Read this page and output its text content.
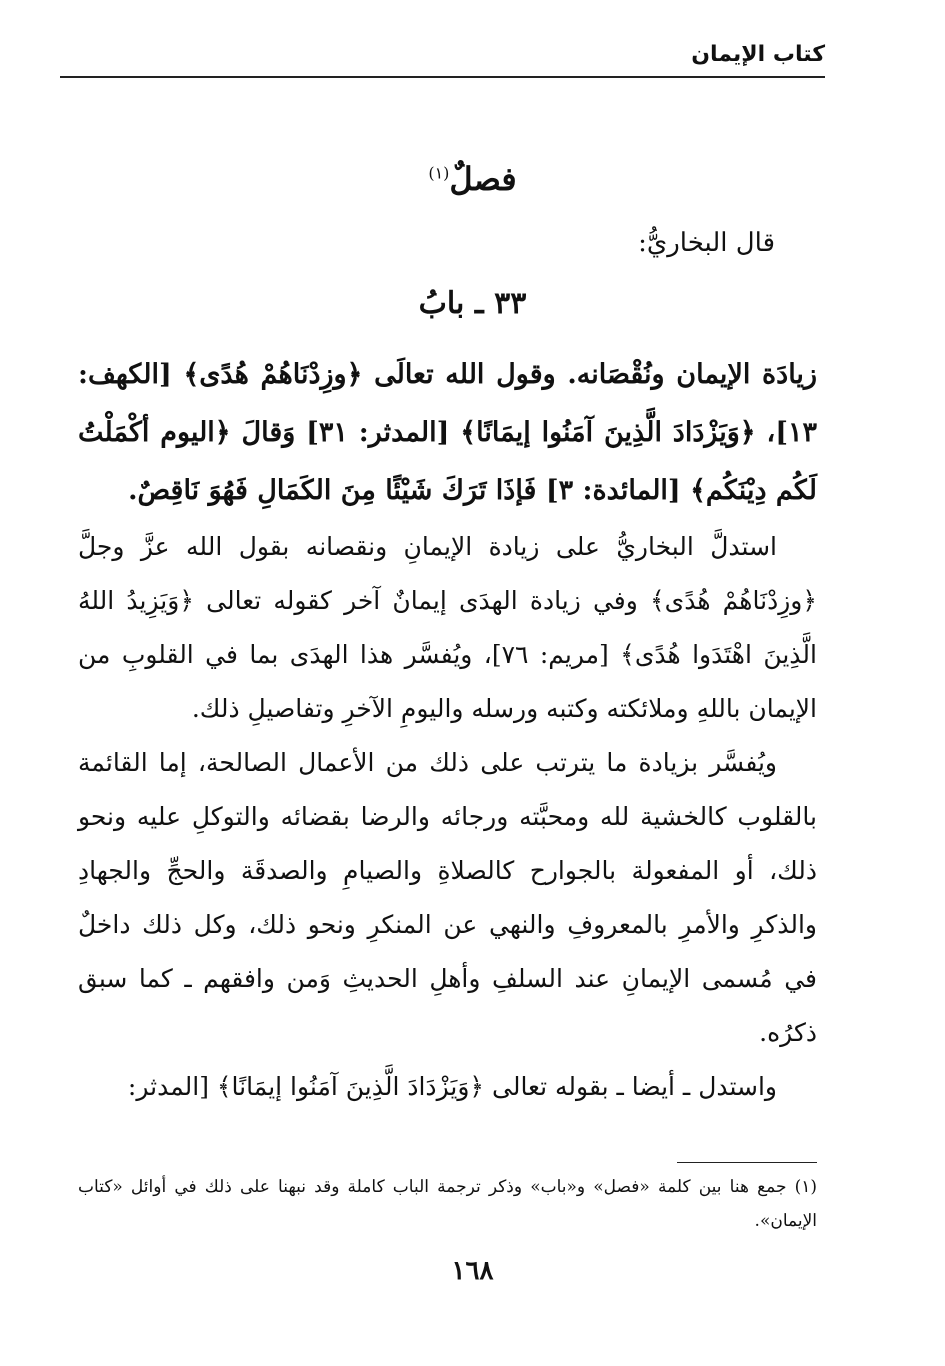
كتاب الإيمان
فصلٌ$^{(١)}$
قال البخاريُّ:
٣٣ ـ بابُ
زيادَة الإيمان ونُقْصَانه. وقول الله تعالَى ﴿وزِدْنَاهُمْ هُدًى﴾ [الكهف: ١٣]، ﴿وَيَزْدَادَ الَّذِينَ آمَنُوا إيمَانًا﴾ [المدثر: ٣١] وَقالَ ﴿اليوم أكْمَلْتُ لَكُم دِيْنَكُم﴾ [المائدة: ٣] فَإذَا تَرَكَ شَيْئًا مِنَ الكَمَالِ فَهُوَ نَاقِصٌ.
استدلَّ البخاريُّ على زيادة الإيمانِ ونقصانه بقول الله عزَّ وجلَّ ﴿وزِدْنَاهُمْ هُدًى﴾ وفي زيادة الهدَى إيمانٌ آخر كقوله تعالى ﴿وَيَزِيدُ اللهُ الَّذِينَ اهْتَدَوا هُدًى﴾ [مريم: ٧٦]، ويُفسَّر هذا الهدَى بما في القلوبِ من الإيمان باللهِ وملائكته وكتبه ورسله واليومِ الآخرِ وتفاصيلِ ذلك.
ويُفسَّر بزيادة ما يترتب على ذلك من الأعمال الصالحة، إما القائمة بالقلوب كالخشية لله ومحبَّته ورجائه والرضا بقضائه والتوكلِ عليه ونحو ذلك، أو المفعولة بالجوارح كالصلاةِ والصيامِ والصدقَة والحجِّ والجهادِ والذكرِ والأمرِ بالمعروفِ والنهي عن المنكرِ ونحو ذلك، وكل ذلك داخلٌ في مُسمى الإيمانِ عند السلفِ وأهلِ الحديثِ وَمن وافقهم ـ كما سبق ذكرُه.
واستدل ـ أيضا ـ بقوله تعالى ﴿وَيَزْدَادَ الَّذِينَ آمَنُوا إيمَانًا﴾ [المدثر:
(١) جمع هنا بين كلمة «فصل» و«باب» وذكر ترجمة الباب كاملة وقد نبهنا على ذلك في أوائل «كتاب الإيمان».
١٦٨
